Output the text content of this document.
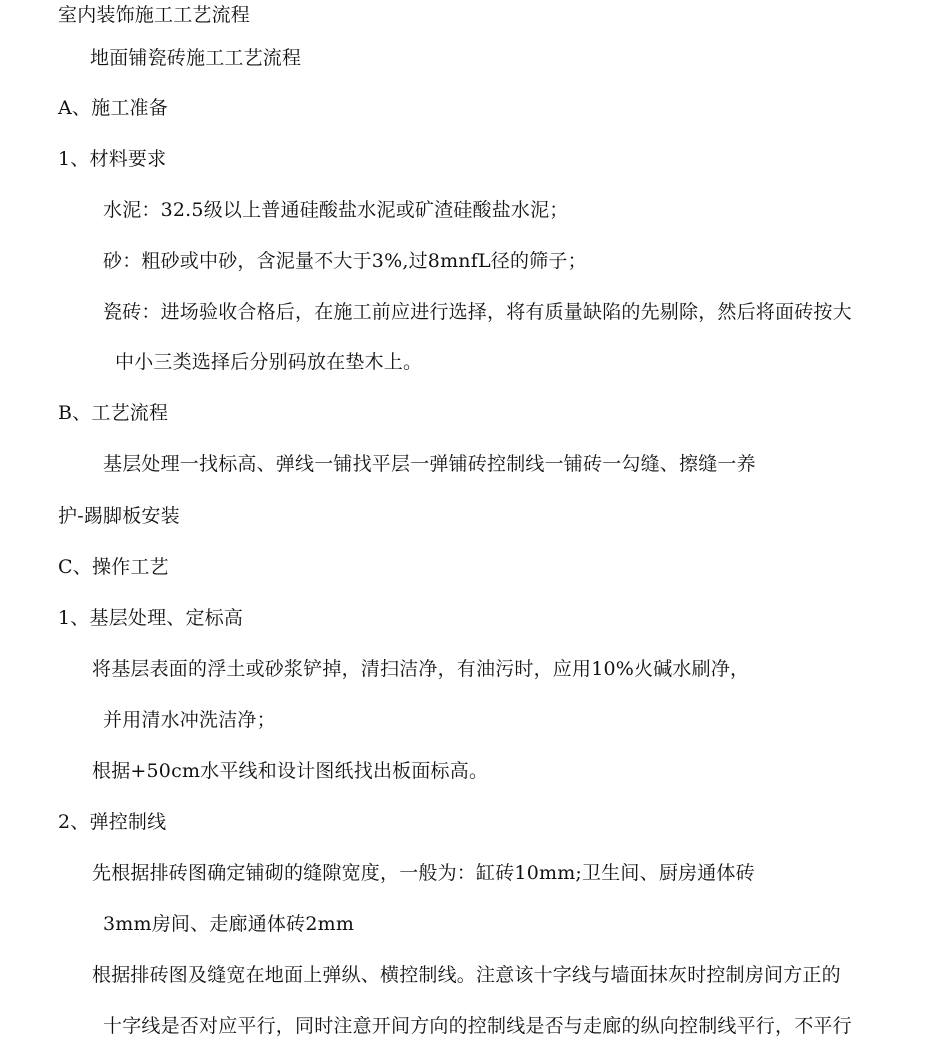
室内装饰施工工艺流程
地面铺瓷砖施工工艺流程
A、施工准备
1、材料要求
水泥：32.5级以上普通硅酸盐水泥或矿渣硅酸盐水泥；
砂：粗砂或中砂，含泥量不大于3%,过8mnfL径的筛子；
瓷砖：进场验收合格后，在施工前应进行选择，将有质量缺陷的先剔除，然后将面砖按大
中小三类选择后分别码放在垫木上。
B、工艺流程
基层处理一找标高、弹线一铺找平层一弹铺砖控制线一铺砖一勾缝、擦缝一养
护-踢脚板安装
C、操作工艺
1、基层处理、定标高
将基层表面的浮土或砂浆铲掉，清扫洁净，有油污时，应用10%火碱水刷净，
并用清水冲洗洁净；
根据+50cm水平线和设计图纸找出板面标高。
2、弹控制线
先根据排砖图确定铺砌的缝隙宽度，一般为：缸砖10mm;卫生间、厨房通体砖
3mm房间、走廊通体砖2mm
根据排砖图及缝宽在地面上弹纵、横控制线。注意该十字线与墙面抹灰时控制房间方正的
十字线是否对应平行，同时注意开间方向的控制线是否与走廊的纵向控制线平行，不平行
